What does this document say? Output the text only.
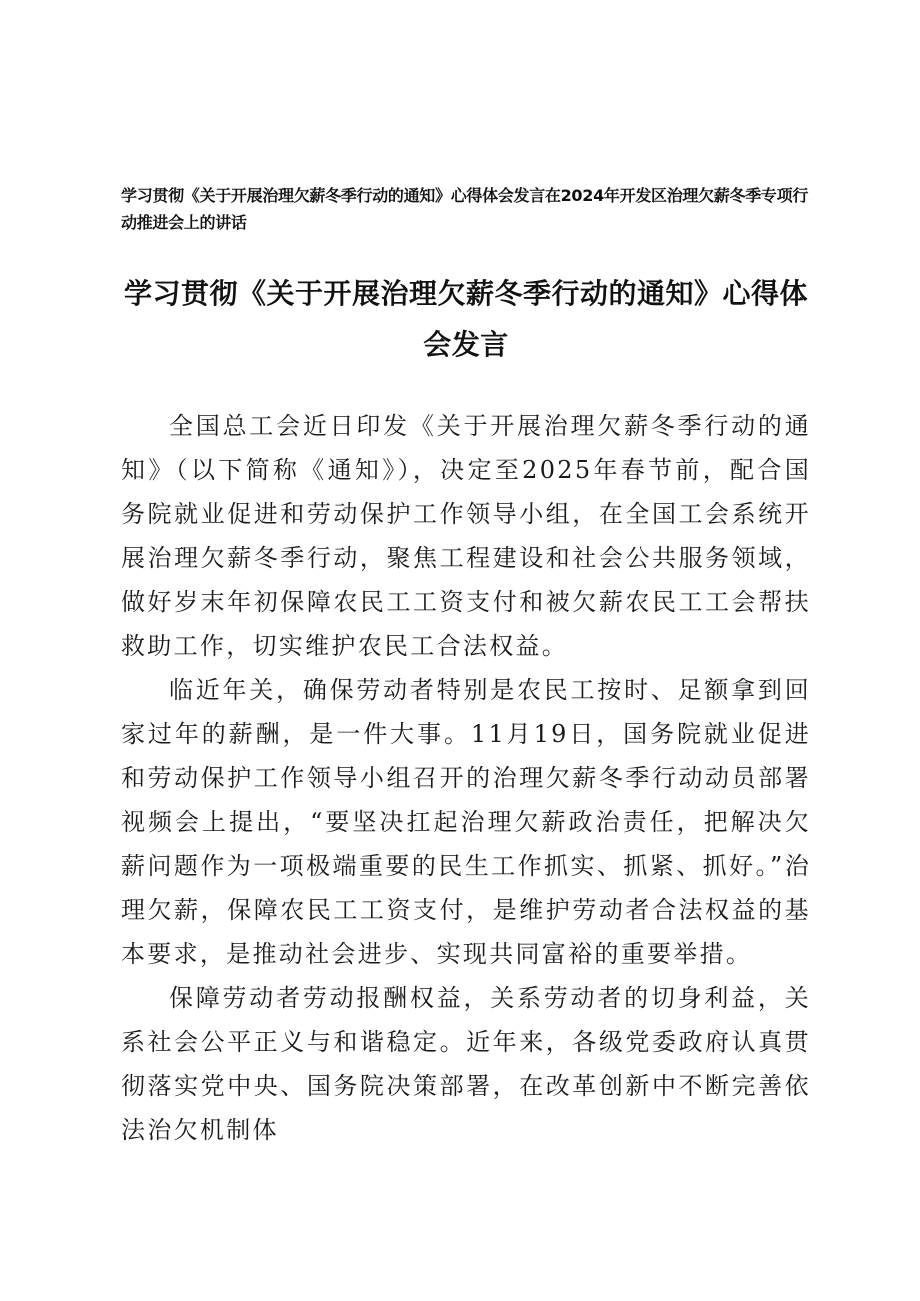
学习贯彻《关于开展治理欠薪冬季行动的通知》心得体会发言在2024年开发区治理欠薪冬季专项行动推进会上的讲话
学习贯彻《关于开展治理欠薪冬季行动的通知》心得体会发言

全国总工会近日印发《关于开展治理欠薪冬季行动的通知》（以下简称《通知》），决定至2025年春节前，配合国务院就业促进和劳动保护工作领导小组，在全国工会系统开展治理欠薪冬季行动，聚焦工程建设和社会公共服务领域，做好岁末年初保障农民工工资支付和被欠薪农民工工会帮扶救助工作，切实维护农民工合法权益。

临近年关，确保劳动者特别是农民工按时、足额拿到回家过年的薪酬，是一件大事。11月19日，国务院就业促进和劳动保护工作领导小组召开的治理欠薪冬季行动动员部署视频会上提出，“要坚决扛起治理欠薪政治责任，把解决欠薪问题作为一项极端重要的民生工作抓实、抓紧、抓好。”治理欠薪，保障农民工工资支付，是维护劳动者合法权益的基本要求，是推动社会进步、实现共同富裕的重要举措。

保障劳动者劳动报酬权益，关系劳动者的切身利益，关系社会公平正义与和谐稳定。近年来，各级党委政府认真贯彻落实党中央、国务院决策部署，在改革创新中不断完善依法治欠机制体
